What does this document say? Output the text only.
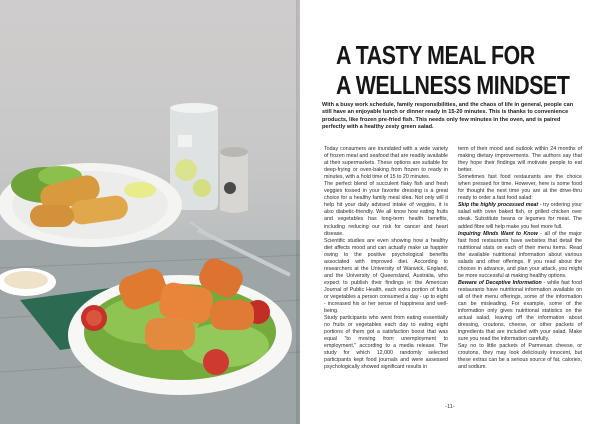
A TASTY MEAL FOR
A WELLNESS MINDSET

With a busy work schedule, family responsibilities, and the chaos of life in general, people can still have an enjoyable lunch or dinner ready in 15-20 minutes. This is thanks to convenience products, like frozen pre-fried fish. This needs only few minutes in the oven, and is paired perfectly with a healthy zesty green salad.

Today consumers are inundated with a wide variety of frozen meal and seafood that are readily available at their supermarkets. These options are suitable for deep-frying or oven-baking from frozen to ready in minutes, with a hold time of 15 to 20 minutes.

The perfect blend of succulent flaky fish and fresh veggies tossed in your favorite dressing is a great choice for a healthy family meal idea. Not only will it help hit your daily advised intake of veggies, it is also diabetic-friendly. We all know how eating fruits and vegetables has long-term health benefits, including reducing our risk for cancer and heart disease.

Scientific studies are even showing how a healthy diet affects mood and can actually make us happier owing to the positive psychological benefits associated with improved diet. According to researchers at the University of Warwick, England, and the University of Queensland, Australia, who expect to publish their findings in the American Journal of Public Health, each extra portion of fruits or vegetables a person consumed a day - up to eight - increased his or her sense of happiness and well-being.

Study participants who went from eating essentially no fruits or vegetables each day to eating eight portions of them got a satisfaction boost that was equal "to moving from unemployment to employment," according to a media release. The study for which 12,000 randomly selected participants kept food journals and were assessed psychologically showed significant results in

term of their mood and outlook within 24 months of making dietary improvements. The authors say that they hope their findings will motivate people to eat better.

Sometimes fast food restaurants are the choice when pressed for time. However, here is some food for thought the next time you are at the drive-thru ready to order a fast food salad:

Skip the highly processed meat - try ordering your salad with oven baked fish, or grilled chicken over steak. Substitute beans or legumes for meat. The added fibre will help make you feel more full.

Inquiring Minds Want to Know - all of the major fast food restaurants have websites that detail the nutritional stats on each of their menu items. Read the available nutritional information about various salads and other offerings. If you read about the choices in advance, and plan your attack, you might be more successful at making healthy options.

Beware of Deceptive Information - while fast food restaurants have nutritional information available on all of their menu offerings, some of the information can be misleading. For example, some of the information only gives nutritional statistics on the actual salad, leaving off the information about dressing, croutons, cheese, or other packets of ingredients that are included with your salad. Make sure you read the information carefully.

Say no to little packets of Parmesan cheese, or croutons, they may look deliciously innocent, but these extras can be a serious source of fat, calories, and sodium.

-11-
